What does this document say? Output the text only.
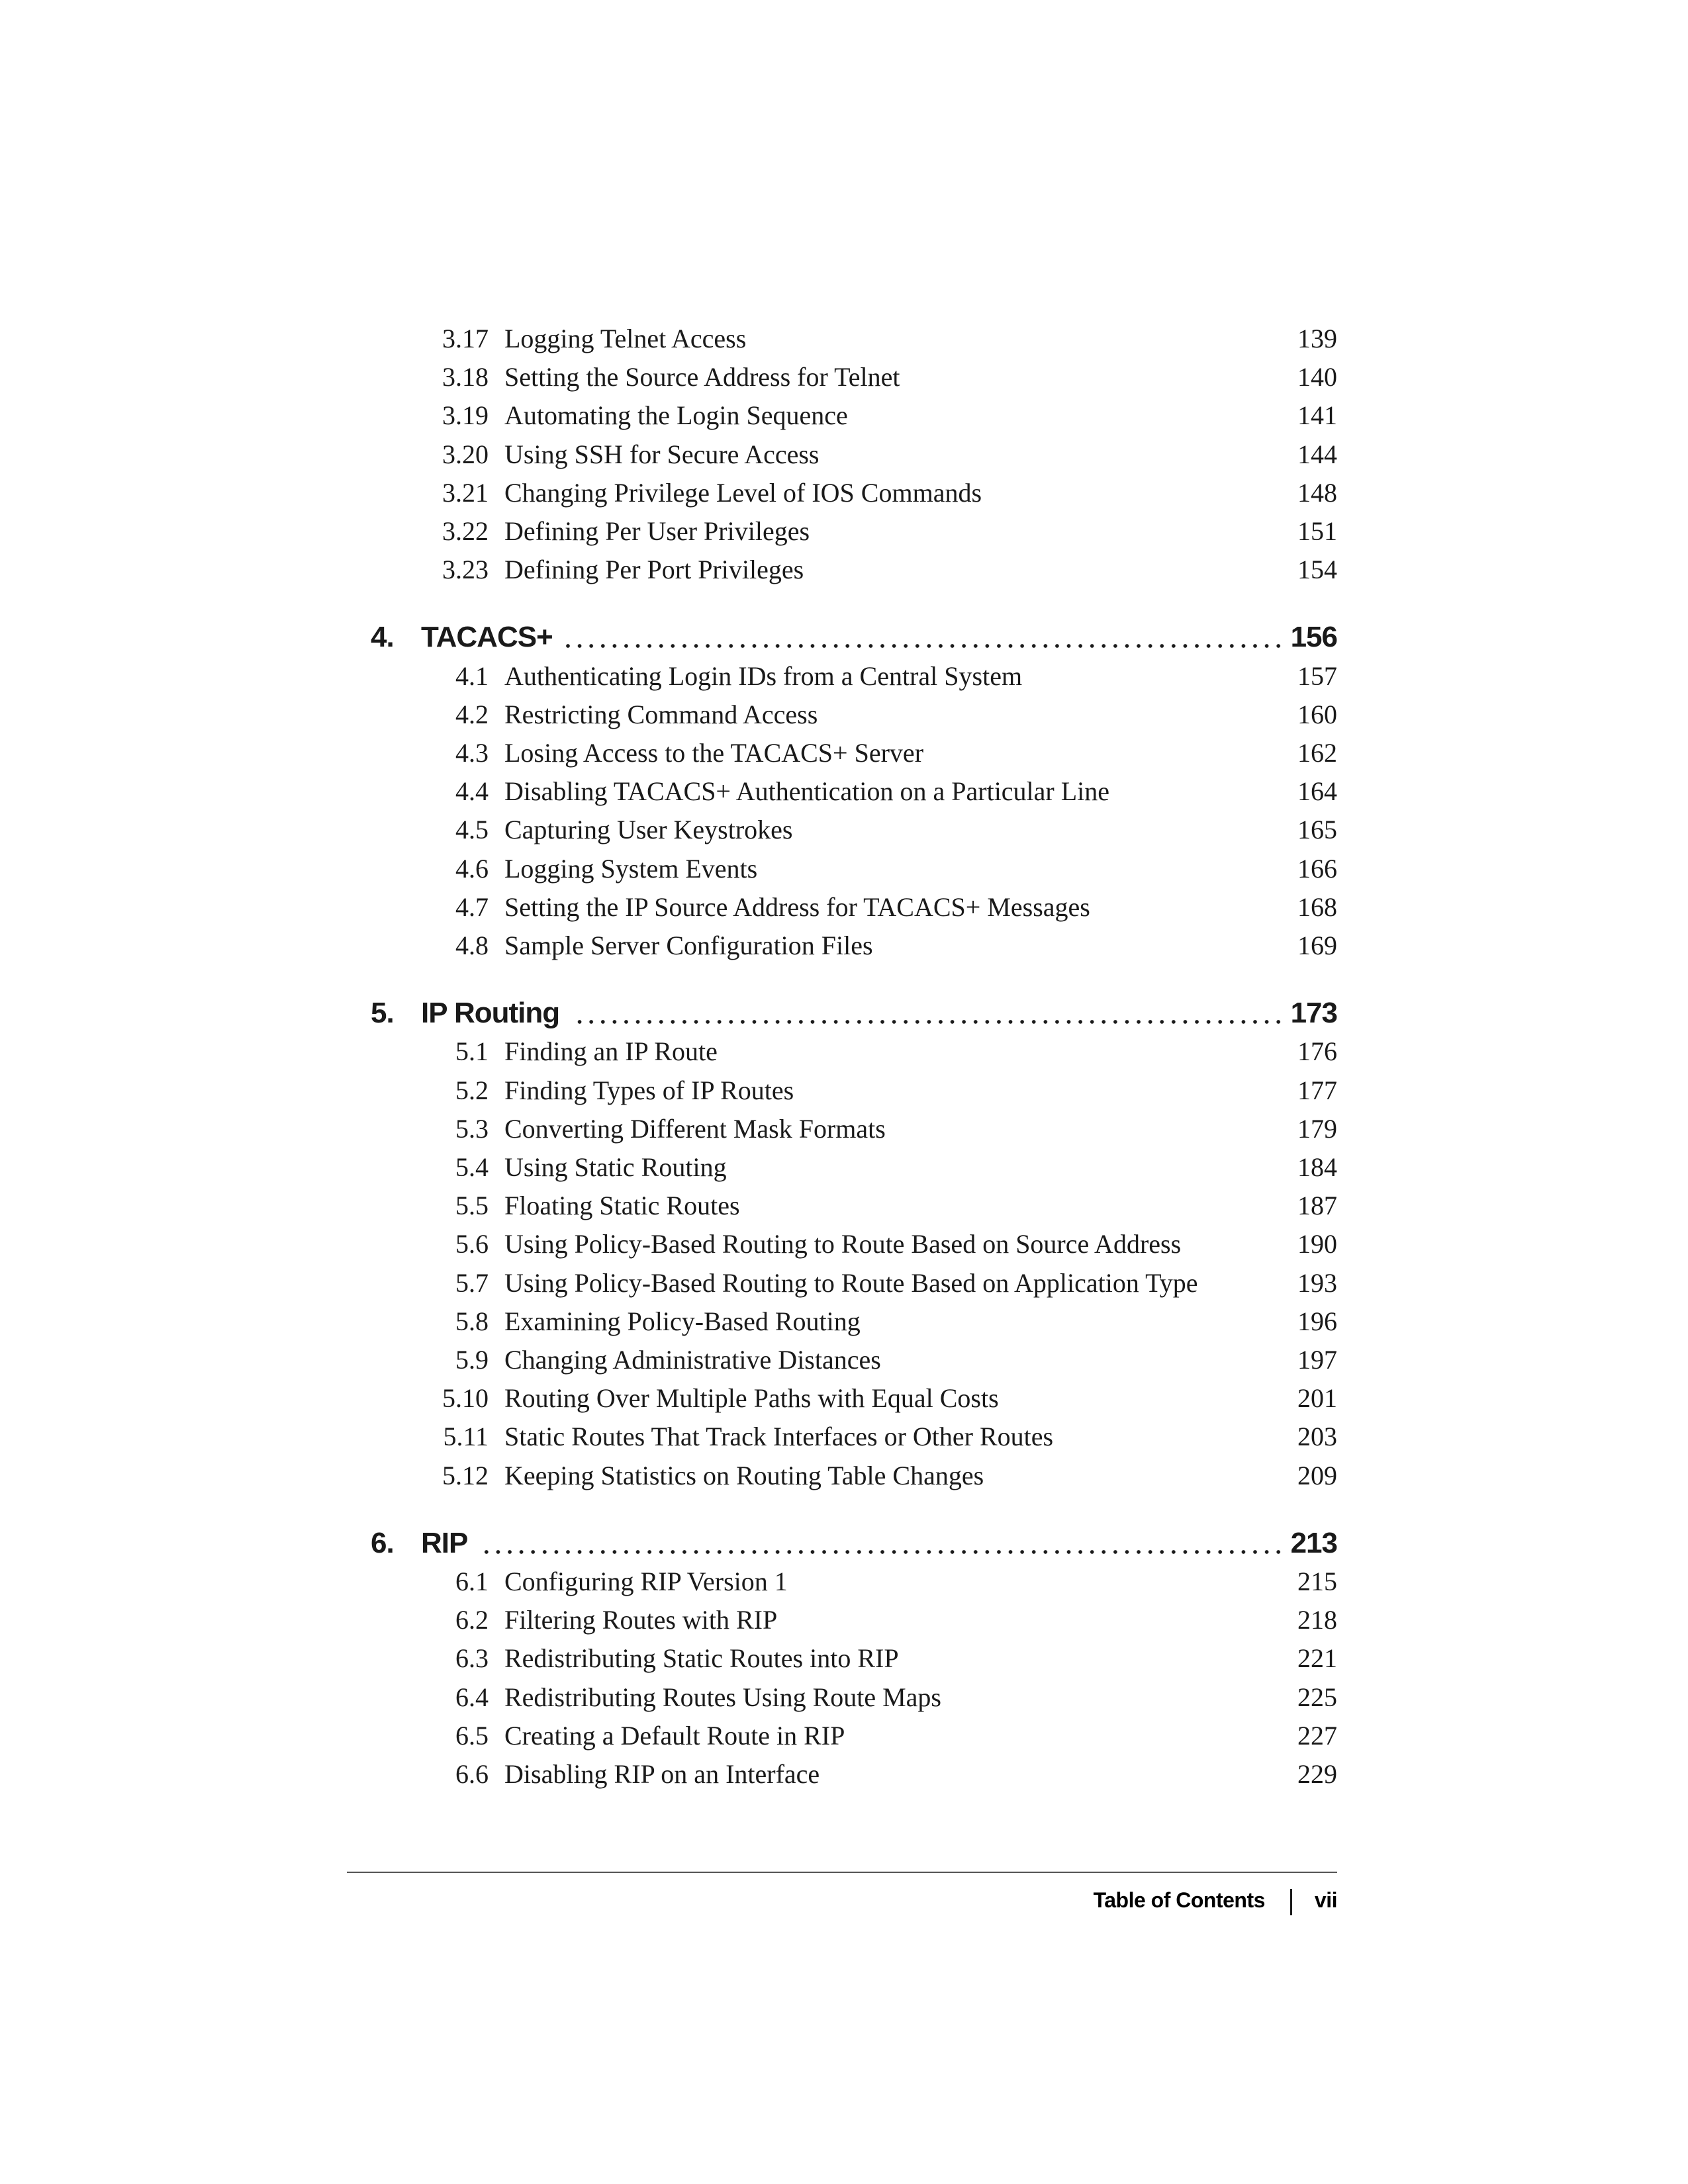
3.17 Logging Telnet Access	139
3.18 Setting the Source Address for Telnet	140
3.19 Automating the Login Sequence	141
3.20 Using SSH for Secure Access	144
3.21 Changing Privilege Level of IOS Commands	148
3.22 Defining Per User Privileges	151
3.23 Defining Per Port Privileges	154
4. TACACS+	156
4.1 Authenticating Login IDs from a Central System	157
4.2 Restricting Command Access	160
4.3 Losing Access to the TACACS+ Server	162
4.4 Disabling TACACS+ Authentication on a Particular Line	164
4.5 Capturing User Keystrokes	165
4.6 Logging System Events	166
4.7 Setting the IP Source Address for TACACS+ Messages	168
4.8 Sample Server Configuration Files	169
5. IP Routing	173
5.1 Finding an IP Route	176
5.2 Finding Types of IP Routes	177
5.3 Converting Different Mask Formats	179
5.4 Using Static Routing	184
5.5 Floating Static Routes	187
5.6 Using Policy-Based Routing to Route Based on Source Address	190
5.7 Using Policy-Based Routing to Route Based on Application Type	193
5.8 Examining Policy-Based Routing	196
5.9 Changing Administrative Distances	197
5.10 Routing Over Multiple Paths with Equal Costs	201
5.11 Static Routes That Track Interfaces or Other Routes	203
5.12 Keeping Statistics on Routing Table Changes	209
6. RIP	213
6.1 Configuring RIP Version 1	215
6.2 Filtering Routes with RIP	218
6.3 Redistributing Static Routes into RIP	221
6.4 Redistributing Routes Using Route Maps	225
6.5 Creating a Default Route in RIP	227
6.6 Disabling RIP on an Interface	229
Table of Contents vii
